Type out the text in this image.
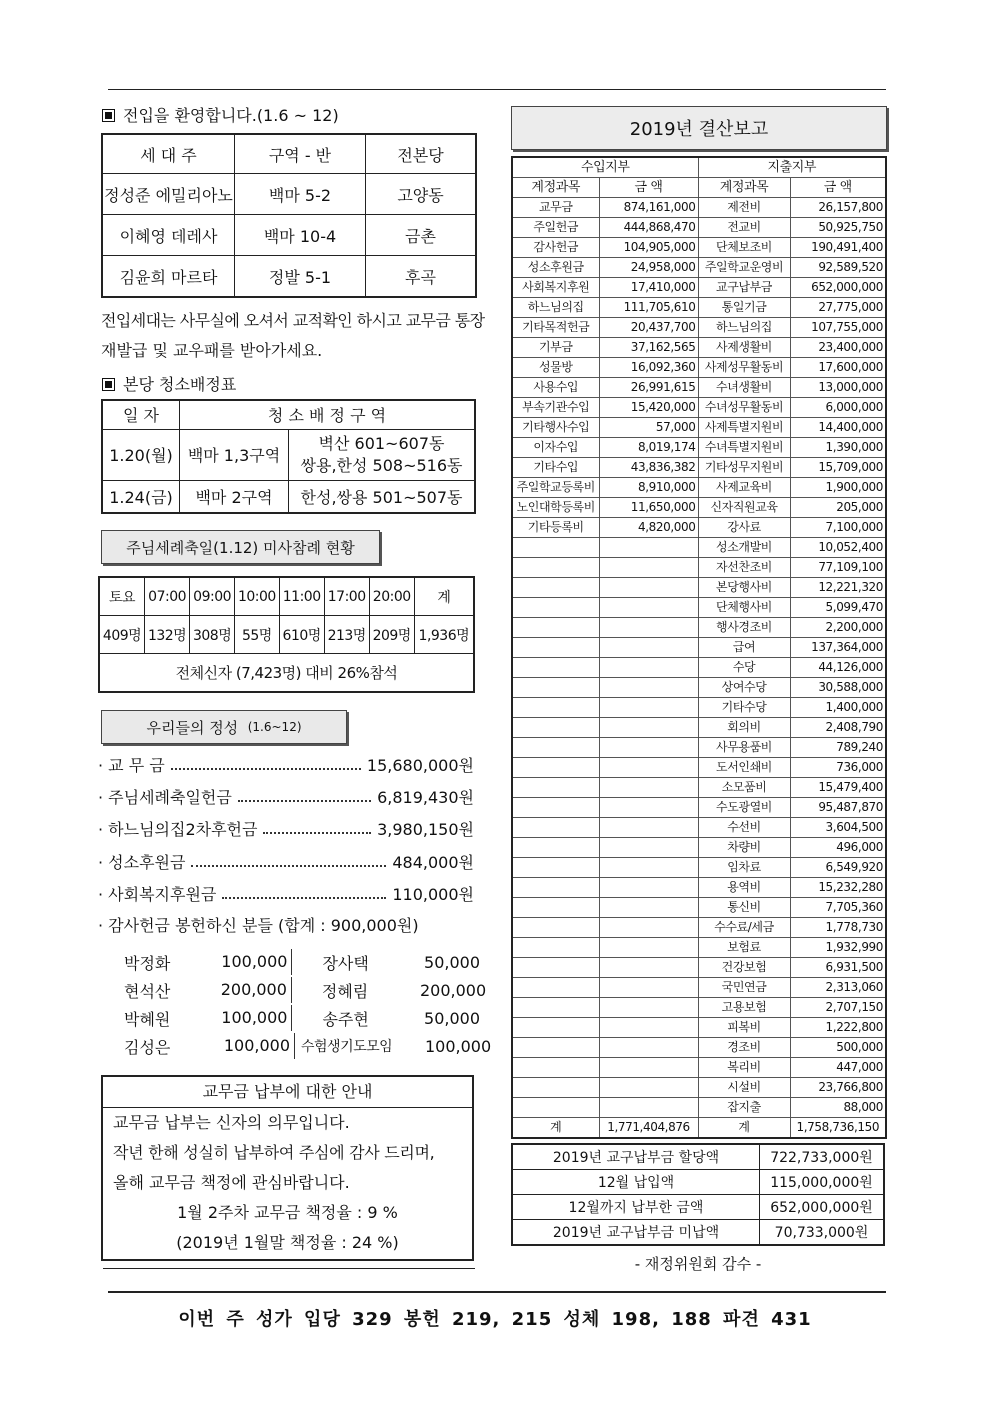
전입을 환영합니다.(1.6 ~ 12)
세 대 주	구역 - 반	전본당
정성준 에밀리아노	백마 5-2	고양동
이혜영 데레사	백마 10-4	금촌
김윤희 마르타	정발 5-1	후곡
전입세대는 사무실에 오셔서 교적확인 하시고 교무금 통장
재발급 및 교우패를 받아가세요.
본당 청소배정표
일 자	청 소 배 정 구 역	
1.20(월)	백마 1,3구역	벽산 601~607동
쌍용,한성 508~516동

1.24(금)	백마 2구역	한성,쌍용 501~507동
주님세례축일(1.12) 미사참례 현황
토요	07:00	09:00	10:00	11:00	17:00	20:00	계
409명	132명	308명	55명	610명	213명	209명	1,936명
전체신자 (7,423명) 대비 26%참석							
우리들의 정성
(1.6~12)
· 교 무 금	15,680,000원
· 주님세례축일헌금	6,819,430원
· 하느님의집2차후헌금	3,980,150원
· 성소후원금	484,000원
· 사회복지후원금	110,000원
· 감사헌금 봉헌하신 분들 (합계 : 900,000원)
박정화	100,000	장사택	50,000
현석산	200,000	정혜림	200,000
박혜원	100,000	송주현	50,000
김성은	100,000 수험생기도모임	100,000
교무금 납부에 대한 안내
교무금 납부는 신자의 의무입니다.
작년 한해 성실히 납부하여 주심에 감사 드리며,
올해 교무금 책정에 관심바랍니다.
1월 2주차 교무금 책정율 : 9 %
(2019년 1월말 책정율 : 24 %)
2019년 결산보고
수입지부		지출지부	
계정과목	금 액	계정과목	금 액
교무금	874,161,000	제전비	26,157,800
주일헌금	444,868,470	전교비	50,925,750
감사헌금	104,905,000	단체보조비	190,491,400
성소후원금	24,958,000	주일학교운영비	92,589,520
사회복지후원	17,410,000	교구납부금	652,000,000
하느님의집	111,705,610	통일기금	27,775,000
기타목적헌금	20,437,700	하느님의집	107,755,000
기부금	37,162,565	사제생활비	23,400,000
성물방	16,092,360	사제성무활동비	17,600,000
사용수입	26,991,615	수녀생활비	13,000,000
부속기관수입	15,420,000	수녀성무활동비	6,000,000
기타행사수입	57,000	사제특별지원비	14,400,000
이자수입	8,019,174	수녀특별지원비	1,390,000
기타수입	43,836,382	기타성무지원비	15,709,000
주일학교등록비	8,910,000	사제교육비	1,900,000
노인대학등록비	11,650,000	신자직원교육	205,000
기타등록비	4,820,000	강사료	7,100,000
		성소개발비	10,052,400
		자선찬조비	77,109,100
		본당행사비	12,221,320
		단체행사비	5,099,470
		행사경조비	2,200,000
		급여	137,364,000
		수당	44,126,000
		상여수당	30,588,000
		기타수당	1,400,000
		회의비	2,408,790
		사무용품비	789,240
		도서인쇄비	736,000
		소모품비	15,479,400
		수도광열비	95,487,870
		수선비	3,604,500
		차량비	496,000
		임차료	6,549,920
		용역비	15,232,280
		통신비	7,705,360
		수수료/세금	1,778,730
		보험료	1,932,990
		건강보험	6,931,500
		국민연금	2,313,060
		고용보험	2,707,150
		피복비	1,222,800
		경조비	500,000
		복리비	447,000
		시설비	23,766,800
		잡지출	88,000
계	1,771,404,876	계	1,758,736,150
2019년 교구납부금 할당액	722,733,000원
12월 납입액	115,000,000원
12월까지 납부한 금액	652,000,000원
2019년 교구납부금 미납액	70,733,000원
- 재정위원회 감수 -
이번 주 성가 입당 329 봉헌 219, 215 성체 198, 188 파견 431
